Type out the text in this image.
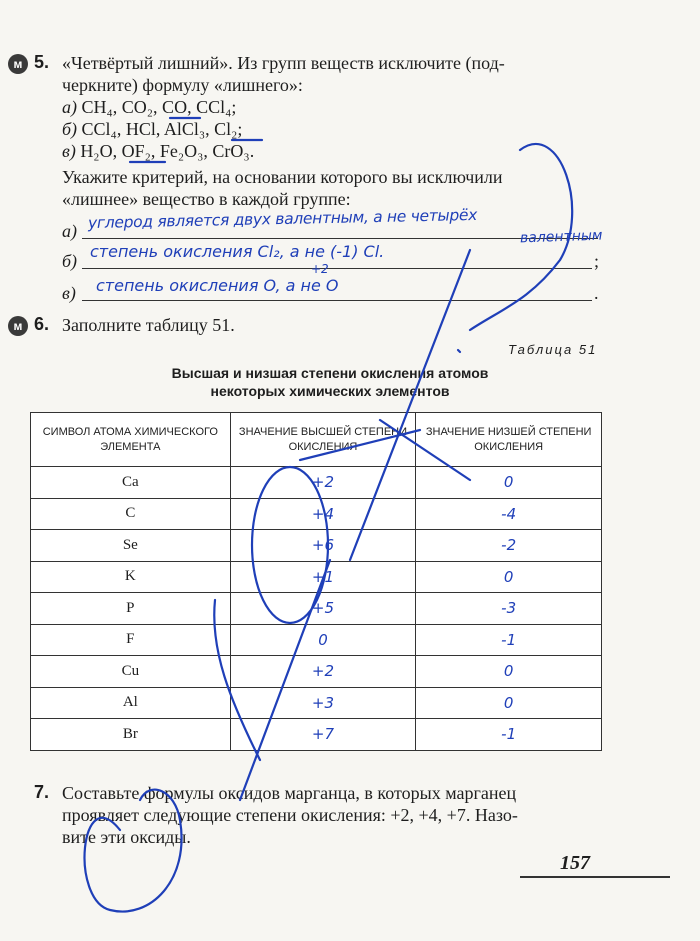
м 5. «Четвёртый лишний». Из групп веществ исключите (под-
черкните) формулу «лишнего»:
а) CH₄, CO₂, CO, CCl₄;
б) CCl₄, HCl, AlCl₃, Cl₂;
в) H₂O, OF₂, Fe₂O₃, CrO₃.
Укажите критерий, на основании которого вы исключили
«лишнее» вещество в каждой группе:
а) углерод является двух валентным, а не четырёх
валентным
б)	;
степень окисления Cl₂, а не (-1) Cl.
в)	.
степень окисления O, а не O
+2
м 6. Заполните таблицу 51.
Таблица 51
Высшая и низшая степени окисления атомов
некоторых химических элементов
СИМВОЛ АТОМА ХИМИЧЕСКОГО ЭЛЕМЕНТА	ЗНАЧЕНИЕ ВЫСШЕЙ СТЕПЕНИ ОКИСЛЕНИЯ	ЗНАЧЕНИЕ НИЗШЕЙ СТЕПЕНИ ОКИСЛЕНИЯ
Ca	+2	0
C	+4	-4
Se	+6	-2
K	+1	0
P	+5	-3
F	0	-1
Cu	+2	0
Al	+3	0
Br	+7	-1
7. Составьте формулы оксидов марганца, в которых марганец
проявляет следующие степени окисления: +2, +4, +7. Назо-
вите эти оксиды.
157
